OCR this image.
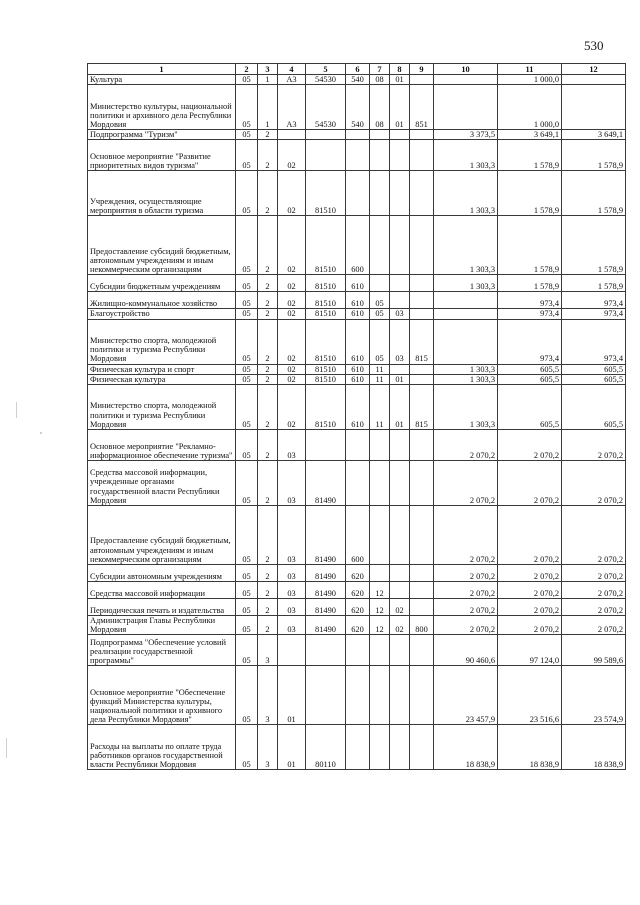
530
1	2	3	4	5	6	7	8	9	10	11	12
Культура	05	1	А3	54530	540	08	01			1 000,0	
Министерство культуры, национальной политики и архивного дела Республики Мордовия	05	1	А3	54530	540	08	01	851		1 000,0	
Подпрограмма "Туризм"	05	2							3 373,5	3 649,1	3 649,1
Основное мероприятие "Развитие приоритетных видов туризма"	05	2	02						1 303,3	1 578,9	1 578,9
Учреждения, осуществляющие мероприятия в области туризма	05	2	02	81510					1 303,3	1 578,9	1 578,9
Предоставление субсидий бюджетным, автономным учреждениям и иным некоммерческим организациям	05	2	02	81510	600				1 303,3	1 578,9	1 578,9
Субсидии бюджетным учреждениям	05	2	02	81510	610				1 303,3	1 578,9	1 578,9
Жилищно-коммунальное хозяйство	05	2	02	81510	610	05				973,4	973,4
Благоустройство	05	2	02	81510	610	05	03			973,4	973,4
Министерство спорта, молодежной политики и туризма Республики Мордовия	05	2	02	81510	610	05	03	815		973,4	973,4
Физическая культура и спорт	05	2	02	81510	610	11			1 303,3	605,5	605,5
Физическая культура	05	2	02	81510	610	11	01		1 303,3	605,5	605,5
Министерство спорта, молодежной политики и туризма Республики Мордовия	05	2	02	81510	610	11	01	815	1 303,3	605,5	605,5
Основное мероприятие "Рекламно-информационное обеспечение туризма"	05	2	03						2 070,2	2 070,2	2 070,2
Средства массовой информации, учрежденные органами государственной власти Республики Мордовия	05	2	03	81490					2 070,2	2 070,2	2 070,2
Предоставление субсидий бюджетным, автономным учреждениям и иным некоммерческим организациям	05	2	03	81490	600				2 070,2	2 070,2	2 070,2
Субсидии автономным учреждениям	05	2	03	81490	620				2 070,2	2 070,2	2 070,2
Средства массовой информации	05	2	03	81490	620	12			2 070,2	2 070,2	2 070,2
Периодическая печать и издательства	05	2	03	81490	620	12	02		2 070,2	2 070,2	2 070,2
Администрация Главы Республики Мордовия	05	2	03	81490	620	12	02	800	2 070,2	2 070,2	2 070,2
Подпрограмма "Обеспечение условий реализации государственной программы"	05	3							90 460,6	97 124,0	99 589,6
Основное мероприятие "Обеспечение функций Министерства культуры, национальной политики и архивного дела Республики Мордовия"	05	3	01						23 457,9	23 516,6	23 574,9
Расходы на выплаты по оплате труда работников органов государственной власти Республики Мордовия	05	3	01	80110					18 838,9	18 838,9	18 838,9
